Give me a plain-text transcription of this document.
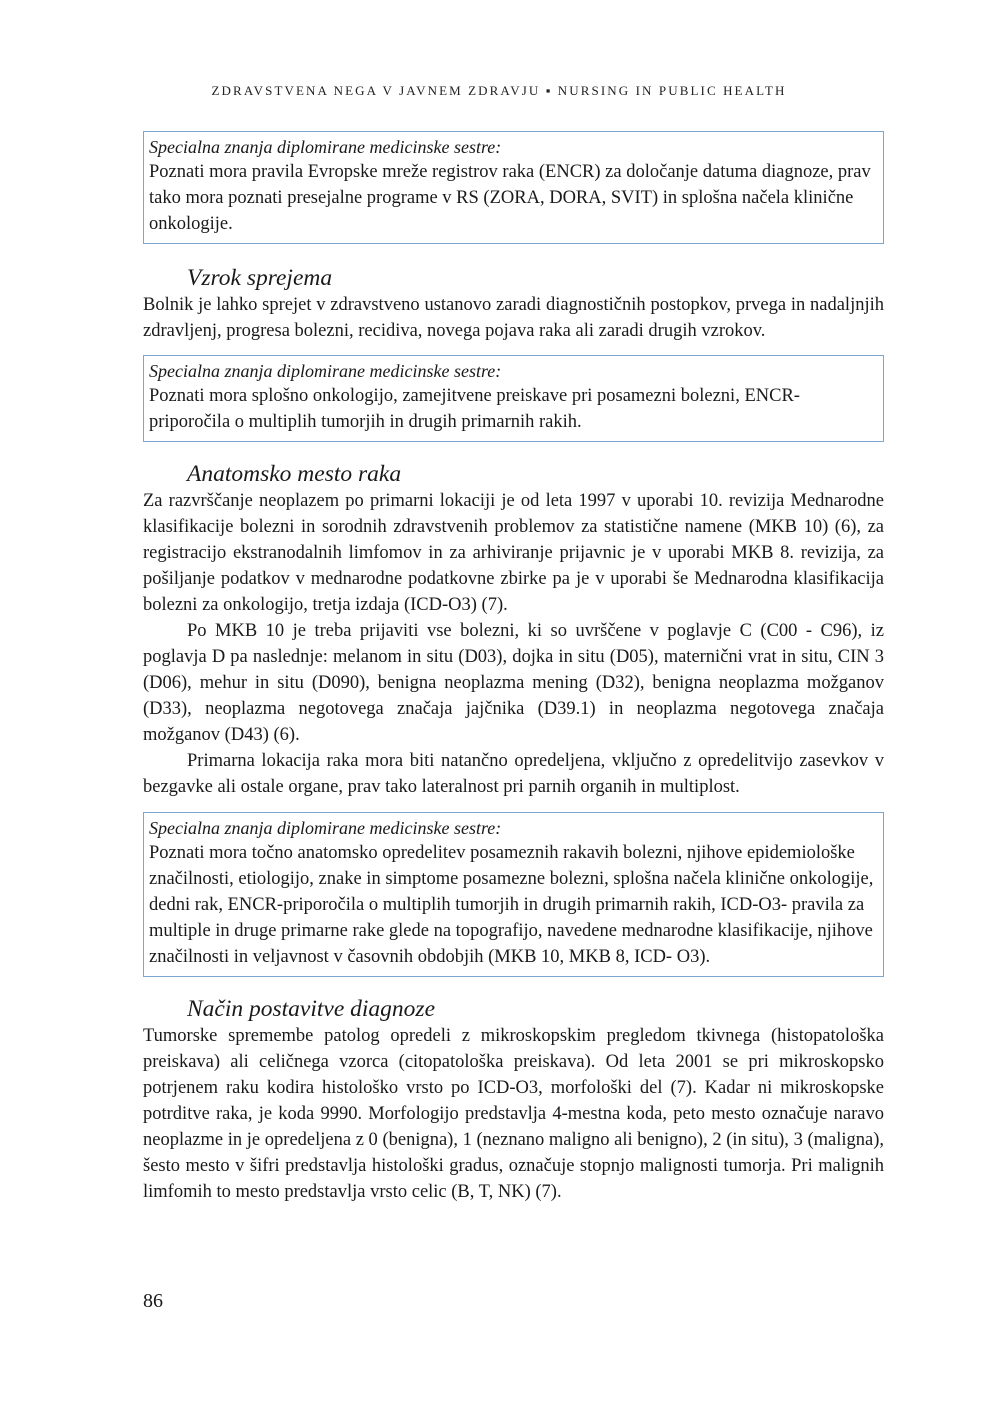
ZDRAVSTVENA NEGA V JAVNEM ZDRAVJU ▪ NURSING IN PUBLIC HEALTH
Specialna znanja diplomirane medicinske sestre:
Poznati mora pravila Evropske mreže registrov raka (ENCR) za določanje datuma diagnoze, prav tako mora poznati presejalne programe v RS (ZORA, DORA, SVIT) in splošna načela klinične onkologije.
Vzrok sprejema

Bolnik je lahko sprejet v zdravstveno ustanovo zaradi diagnostičnih postopkov, prvega in nadaljnjih zdravljenj, progresa bolezni, recidiva, novega pojava raka ali zaradi drugih vzrokov.

Specialna znanja diplomirane medicinske sestre:
Poznati mora splošno onkologijo, zamejitvene preiskave pri posamezni bolezni, ENCR-priporočila o multiplih tumorjih in drugih primarnih rakih.
Anatomsko mesto raka

Za razvrščanje neoplazem po primarni lokaciji je od leta 1997 v uporabi 10. revizija Mednarodne klasifikacije bolezni in sorodnih zdravstvenih problemov za statistične namene (MKB 10) (6), za registracijo ekstranodalnih limfomov in za arhiviranje prijavnic je v uporabi MKB 8. revizija, za pošiljanje podatkov v mednarodne podatkovne zbirke pa je v uporabi še Mednarodna klasifikacija bolezni za onkologijo, tretja izdaja (ICD-O3) (7).

Po MKB 10 je treba prijaviti vse bolezni, ki so uvrščene v poglavje C (C00 - C96), iz poglavja D pa naslednje: melanom in situ (D03), dojka in situ (D05), maternični vrat in situ, CIN 3 (D06), mehur in situ (D090), benigna neoplazma mening (D32), benigna neoplazma možganov (D33), neoplazma negotovega značaja jajčnika (D39.1) in neoplazma negotovega značaja možganov (D43) (6).

Primarna lokacija raka mora biti natančno opredeljena, vključno z opredelitvijo zasevkov v bezgavke ali ostale organe, prav tako lateralnost pri parnih organih in multiplost.

Specialna znanja diplomirane medicinske sestre:
Poznati mora točno anatomsko opredelitev posameznih rakavih bolezni, njihove epidemiološke značilnosti, etiologijo, znake in simptome posamezne bolezni, splošna načela klinične onkologije, dedni rak, ENCR-priporočila o multiplih tumorjih in drugih primarnih rakih, ICD-O3- pravila za multiple in druge primarne rake glede na topografijo, navedene mednarodne klasifikacije, njihove značilnosti in veljavnost v časovnih obdobjih (MKB 10, MKB 8, ICD- O3).
Način postavitve diagnoze

Tumorske spremembe patolog opredeli z mikroskopskim pregledom tkivnega (histopatološka preiskava) ali celičnega vzorca (citopatološka preiskava). Od leta 2001 se pri mikroskopsko potrjenem raku kodira histološko vrsto po ICD-O3, morfološki del (7). Kadar ni mikroskopske potrditve raka, je koda 9990. Morfologijo predstavlja 4-mestna koda, peto mesto označuje naravo neoplazme in je opredeljena z 0 (benigna), 1 (neznano maligno ali benigno), 2 (in situ), 3 (maligna), šesto mesto v šifri predstavlja histološki gradus, označuje stopnjo malignosti tumorja. Pri malignih limfomih to mesto predstavlja vrsto celic (B, T, NK) (7).

86
